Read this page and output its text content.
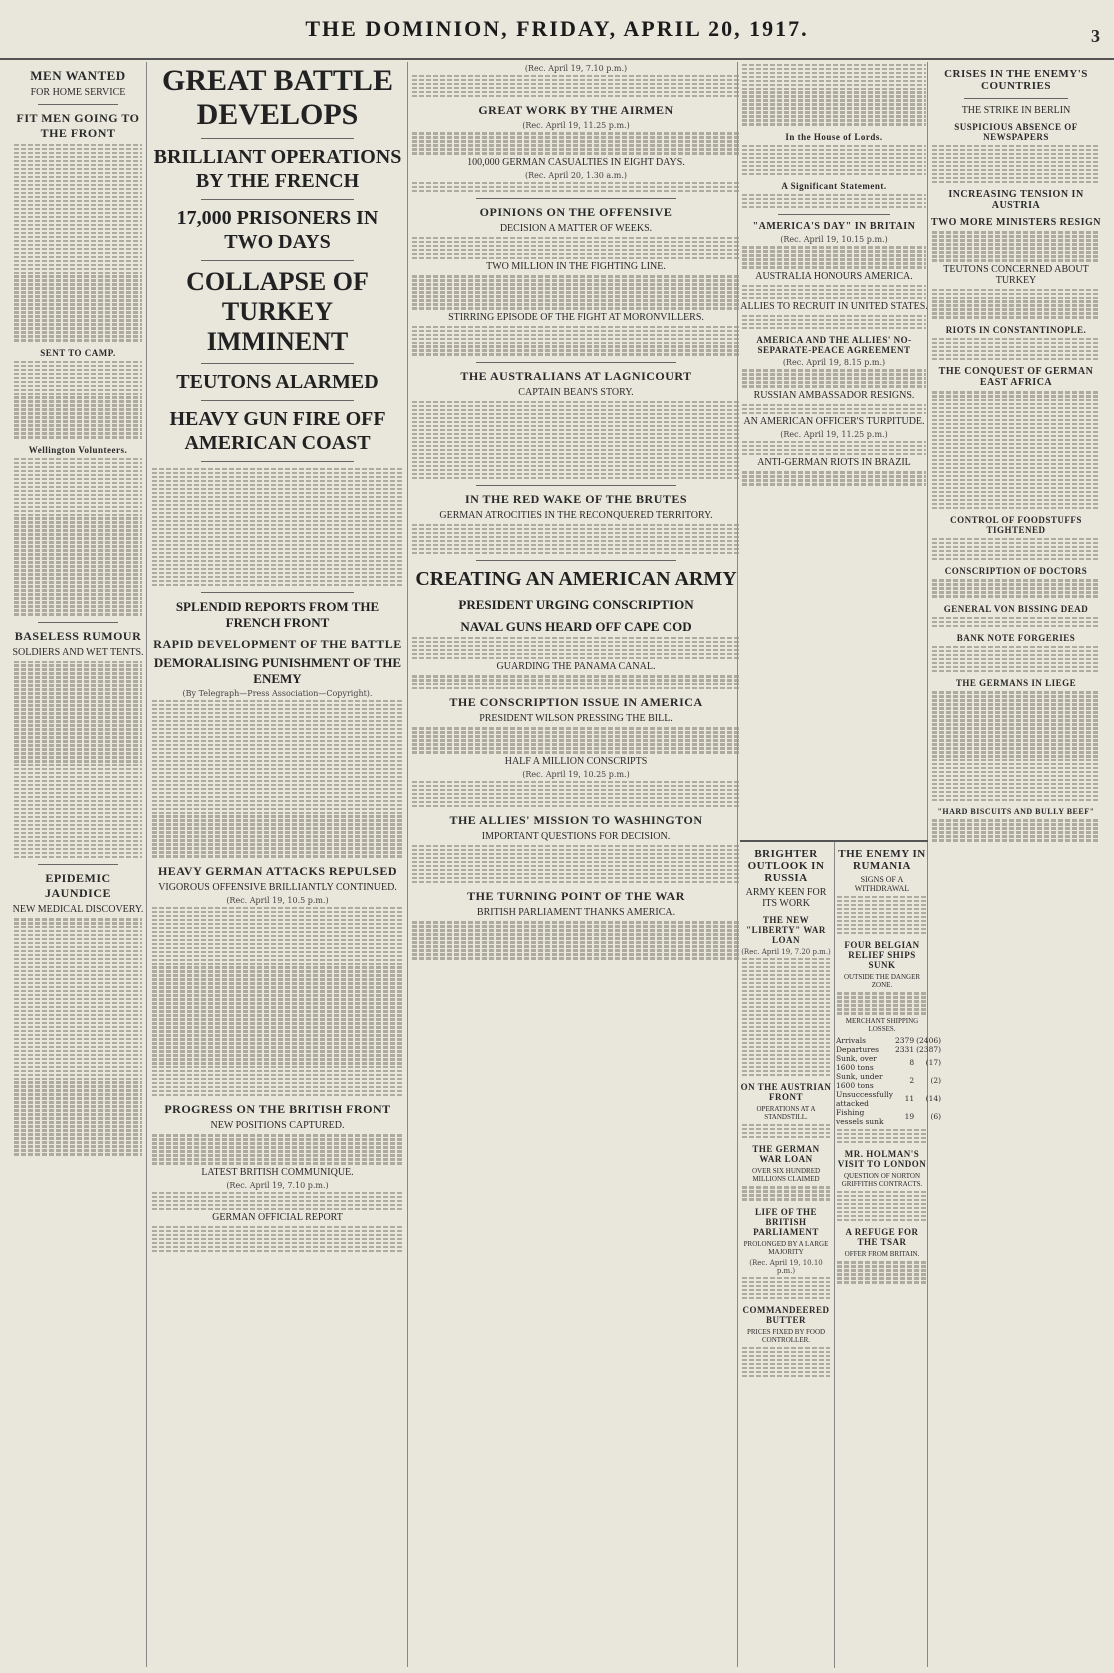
THE DOMINION, FRIDAY, APRIL 20, 1917.	3
MEN WANTED
FOR HOME SERVICE
FIT MEN GOING TO THE FRONT
SENT TO CAMP.
Wellington Volunteers.
BASELESS RUMOUR
SOLDIERS AND WET TENTS.
EPIDEMIC JAUNDICE
NEW MEDICAL DISCOVERY.
GREAT BATTLE
DEVELOPS
BRILLIANT OPERATIONS BY THE FRENCH
17,000 PRISONERS IN TWO DAYS
COLLAPSE OF TURKEY IMMINENT
TEUTONS ALARMED
HEAVY GUN FIRE OFF AMERICAN COAST
SPLENDID REPORTS FROM THE FRENCH FRONT
RAPID DEVELOPMENT OF THE BATTLE
DEMORALISING PUNISHMENT OF THE ENEMY
(By Telegraph—Press Association—Copyright).
HEAVY GERMAN ATTACKS REPULSED
VIGOROUS OFFENSIVE BRILLIANTLY CONTINUED.
(Rec. April 19, 10.5 p.m.)
PROGRESS ON THE BRITISH FRONT
NEW POSITIONS CAPTURED.
LATEST BRITISH COMMUNIQUE.
(Rec. April 19, 7.10 p.m.)
GERMAN OFFICIAL REPORT
(Rec. April 19, 7.10 p.m.)
GREAT WORK BY THE AIRMEN
(Rec. April 19, 11.25 p.m.)
100,000 GERMAN CASUALTIES IN EIGHT DAYS.
(Rec. April 20, 1.30 a.m.)
OPINIONS ON THE OFFENSIVE
DECISION A MATTER OF WEEKS.
TWO MILLION IN THE FIGHTING LINE.
STIRRING EPISODE OF THE FIGHT AT MORONVILLERS.
THE AUSTRALIANS AT LAGNICOURT
CAPTAIN BEAN'S STORY.
IN THE RED WAKE OF THE BRUTES
GERMAN ATROCITIES IN THE RECONQUERED TERRITORY.
CREATING AN AMERICAN ARMY
PRESIDENT URGING CONSCRIPTION
NAVAL GUNS HEARD OFF CAPE COD
GUARDING THE PANAMA CANAL.
THE CONSCRIPTION ISSUE IN AMERICA
PRESIDENT WILSON PRESSING THE BILL.
HALF A MILLION CONSCRIPTS
(Rec. April 19, 10.25 p.m.)
THE ALLIES' MISSION TO WASHINGTON
IMPORTANT QUESTIONS FOR DECISION.
THE TURNING POINT OF THE WAR
BRITISH PARLIAMENT THANKS AMERICA.
In the House of Lords.
A Significant Statement.
"AMERICA'S DAY" IN BRITAIN
(Rec. April 19, 10.15 p.m.)
AUSTRALIA HONOURS AMERICA.
ALLIES TO RECRUIT IN UNITED STATES.
AMERICA AND THE ALLIES' NO-SEPARATE-PEACE AGREEMENT
(Rec. April 19, 8.15 p.m.)
RUSSIAN AMBASSADOR RESIGNS.
AN AMERICAN OFFICER'S TURPITUDE.
(Rec. April 19, 11.25 p.m.)
ANTI-GERMAN RIOTS IN BRAZIL
BRIGHTER OUTLOOK IN RUSSIA
ARMY KEEN FOR ITS WORK
THE NEW "LIBERTY" WAR LOAN
(Rec. April 19, 7.20 p.m.)
ON THE AUSTRIAN FRONT
OPERATIONS AT A STANDSTILL.
THE GERMAN WAR LOAN
OVER SIX HUNDRED MILLIONS CLAIMED
LIFE OF THE BRITISH PARLIAMENT
PROLONGED BY A LARGE MAJORITY
(Rec. April 19, 10.10 p.m.)
COMMANDEERED BUTTER
PRICES FIXED BY FOOD CONTROLLER.
THE ENEMY IN RUMANIA
SIGNS OF A WITHDRAWAL
FOUR BELGIAN RELIEF SHIPS SUNK
OUTSIDE THE DANGER ZONE.
MERCHANT SHIPPING LOSSES.
Arrivals	2379	(2406)
Departures	2331	(2387)
Sunk, over 1600 tons	8	(17)
Sunk, under 1600 tons	2	(2)
Unsuccessfully attacked	11	(14)
Fishing vessels sunk	19	(6)
MR. HOLMAN'S VISIT TO LONDON
QUESTION OF NORTON GRIFFITHS CONTRACTS.
A REFUGE FOR THE TSAR
OFFER FROM BRITAIN.
CRISES IN THE ENEMY'S COUNTRIES
THE STRIKE IN BERLIN
SUSPICIOUS ABSENCE OF NEWSPAPERS
INCREASING TENSION IN AUSTRIA
TWO MORE MINISTERS RESIGN
TEUTONS CONCERNED ABOUT TURKEY
RIOTS IN CONSTANTINOPLE.
THE CONQUEST OF GERMAN EAST AFRICA
CONTROL OF FOODSTUFFS TIGHTENED
CONSCRIPTION OF DOCTORS
GENERAL VON BISSING DEAD
BANK NOTE FORGERIES
THE GERMANS IN LIEGE
"HARD BISCUITS AND BULLY BEEF"
